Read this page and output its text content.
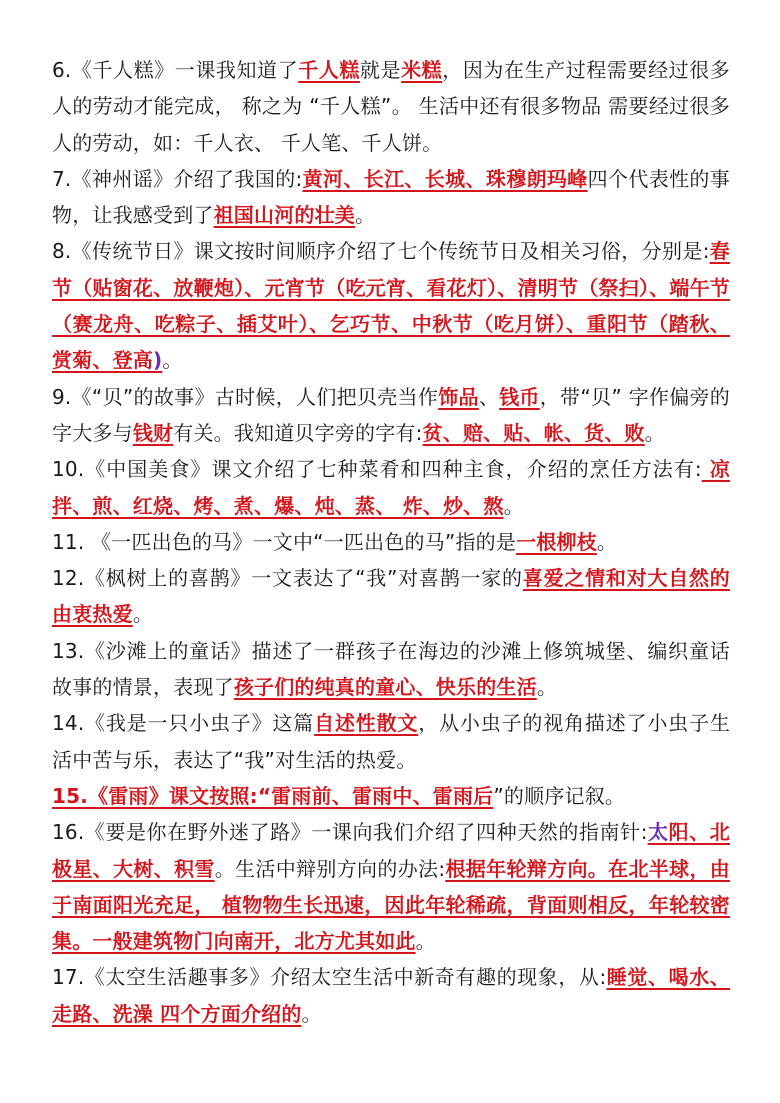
6.《千人糕》一课我知道了千人糕就是米糕，因为在生产过程需要经过很多人的劳动才能完成， 称之为 “千人糕”。 生活中还有很多物品 需要经过很多人的劳动，如：千人衣、 千人笔、千人饼。

7.《神州谣》介绍了我国的:黄河、长江、长城、珠穆朗玛峰四个代表性的事物，让我感受到了祖国山河的壮美。

8.《传统节日》课文按时间顺序介绍了七个传统节日及相关习俗，分别是:春节（贴窗花、放鞭炮）、元宵节（吃元宵、看花灯）、清明节（祭扫）、端午节（赛龙舟、吃粽子、插艾叶）、乞巧节、中秋节（吃月饼）、重阳节（踏秋、赏菊、登高)。

9.《“贝”的故事》古时候，人们把贝壳当作饰品、钱币，带“贝” 字作偏旁的字大多与钱财有关。我知道贝字旁的字有:贫、赔、贴、帐、货、败。

10.《中国美食》课文介绍了七种菜肴和四种主食，介绍的烹任方法有: 凉拌、煎、红烧、烤、煮、爆、炖、蒸、 炸、炒、熬。

11. 《一匹出色的马》一文中“一匹出色的马”指的是一根柳枝。

12.《枫树上的喜鹊》一文表达了“我”对喜鹊一家的喜爱之情和对大自然的由衷热爱。

13.《沙滩上的童话》描述了一群孩子在海边的沙滩上修筑城堡、编织童话故事的情景，表现了孩子们的纯真的童心、快乐的生活。

14.《我是一只小虫子》这篇自述性散文，从小虫子的视角描述了小虫子生活中苦与乐，表达了“我”对生活的热爱。

15.《雷雨》课文按照:“雷雨前、雷雨中、雷雨后”的顺序记叙。

16.《要是你在野外迷了路》一课向我们介绍了四种天然的指南针:太阳、北极星、大树、积雪。生活中辩别方向的办法:根据年轮辩方向。在北半球，由于南面阳光充足， 植物物生长迅速，因此年轮稀疏，背面则相反，年轮较密集。一般建筑物门向南开，北方尤其如此。

17.《太空生活趣事多》介绍太空生活中新奇有趣的现象，从:睡觉、喝水、走路、洗澡 四个方面介绍的。
